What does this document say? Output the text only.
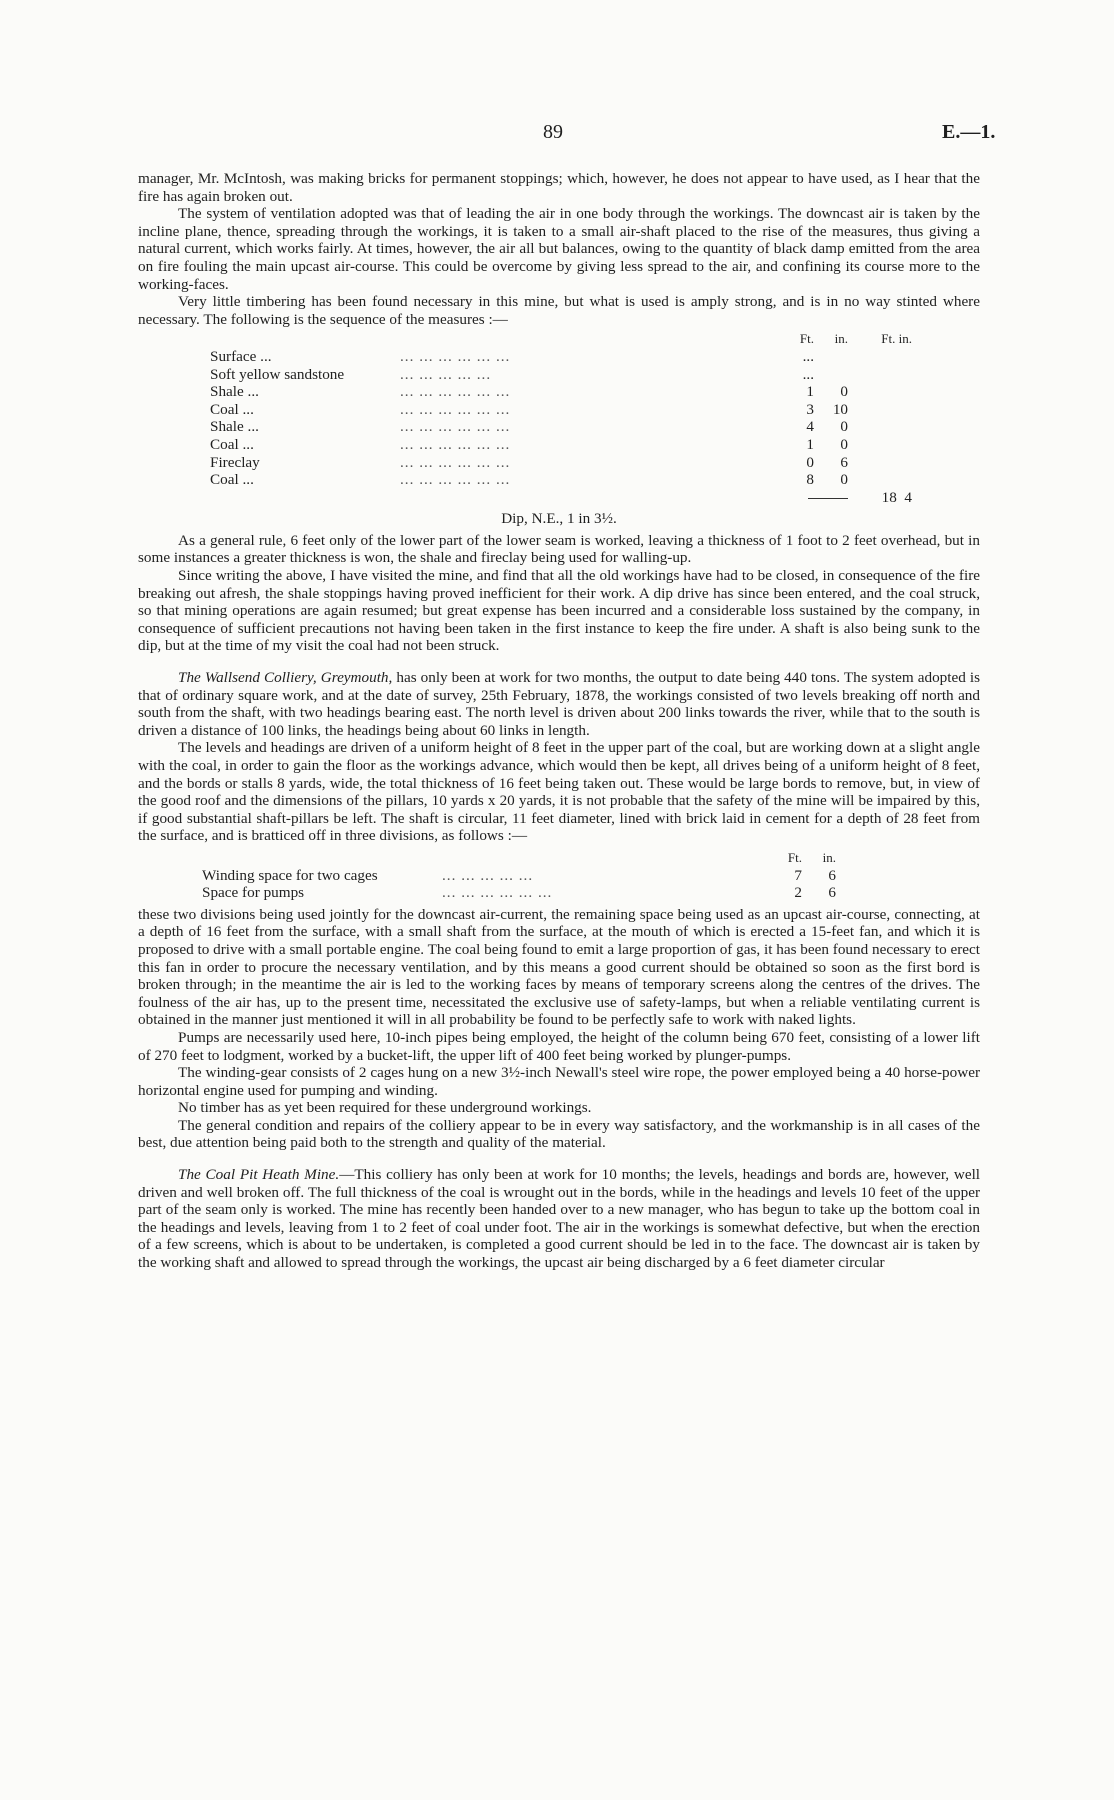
89	E.—1.

manager, Mr. McIntosh, was making bricks for permanent stoppings; which, however, he does not appear to have used, as I hear that the fire has again broken out.

The system of ventilation adopted was that of leading the air in one body through the workings. The downcast air is taken by the incline plane, thence, spreading through the workings, it is taken to a small air-shaft placed to the rise of the measures, thus giving a natural current, which works fairly. At times, however, the air all but balances, owing to the quantity of black damp emitted from the area on fire fouling the main upcast air-course. This could be overcome by giving less spread to the air, and confining its course more to the working-faces.

Very little timbering has been found necessary in this mine, but what is used is amply strong, and is in no way stinted where necessary. The following is the sequence of the measures :—

		Ft.	in.	Ft. in.
Surface ...	... ... ... ... ... ...	...		
Soft yellow sandstone	... ... ... ... ...	...		
Shale ...	... ... ... ... ... ...	1	0	
Coal ...	... ... ... ... ... ...	3	10	
Shale ...	... ... ... ... ... ...	4	0	
Coal ...	... ... ... ... ... ...	1	0	
Fireclay	... ... ... ... ... ...	0	6	
Coal ...	... ... ... ... ... ...	8	0	
				18 4
Dip, N.E., 1 in 3½.

As a general rule, 6 feet only of the lower part of the lower seam is worked, leaving a thickness of 1 foot to 2 feet overhead, but in some instances a greater thickness is won, the shale and fireclay being used for walling-up.

Since writing the above, I have visited the mine, and find that all the old workings have had to be closed, in consequence of the fire breaking out afresh, the shale stoppings having proved inefficient for their work. A dip drive has since been entered, and the coal struck, so that mining operations are again resumed; but great expense has been incurred and a considerable loss sustained by the company, in consequence of sufficient precautions not having been taken in the first instance to keep the fire under. A shaft is also being sunk to the dip, but at the time of my visit the coal had not been struck.

The Wallsend Colliery, Greymouth, has only been at work for two months, the output to date being 440 tons. The system adopted is that of ordinary square work, and at the date of survey, 25th February, 1878, the workings consisted of two levels breaking off north and south from the shaft, with two headings bearing east. The north level is driven about 200 links towards the river, while that to the south is driven a distance of 100 links, the headings being about 60 links in length.

The levels and headings are driven of a uniform height of 8 feet in the upper part of the coal, but are working down at a slight angle with the coal, in order to gain the floor as the workings advance, which would then be kept, all drives being of a uniform height of 8 feet, and the bords or stalls 8 yards, wide, the total thickness of 16 feet being taken out. These would be large bords to remove, but, in view of the good roof and the dimensions of the pillars, 10 yards x 20 yards, it is not probable that the safety of the mine will be impaired by this, if good substantial shaft-pillars be left. The shaft is circular, 11 feet diameter, lined with brick laid in cement for a depth of 28 feet from the surface, and is bratticed off in three divisions, as follows :—

		Ft.	in.
Winding space for two cages	... ... ... ... ...	7	6
Space for pumps	... ... ... ... ... ...	2	6

these two divisions being used jointly for the downcast air-current, the remaining space being used as an upcast air-course, connecting, at a depth of 16 feet from the surface, with a small shaft from the surface, at the mouth of which is erected a 15-feet fan, and which it is proposed to drive with a small portable engine. The coal being found to emit a large proportion of gas, it has been found necessary to erect this fan in order to procure the necessary ventilation, and by this means a good current should be obtained so soon as the first bord is broken through; in the meantime the air is led to the working faces by means of temporary screens along the centres of the drives. The foulness of the air has, up to the present time, necessitated the exclusive use of safety-lamps, but when a reliable ventilating current is obtained in the manner just mentioned it will in all probability be found to be perfectly safe to work with naked lights.

Pumps are necessarily used here, 10-inch pipes being employed, the height of the column being 670 feet, consisting of a lower lift of 270 feet to lodgment, worked by a bucket-lift, the upper lift of 400 feet being worked by plunger-pumps.

The winding-gear consists of 2 cages hung on a new 3½-inch Newall's steel wire rope, the power employed being a 40 horse-power horizontal engine used for pumping and winding.

No timber has as yet been required for these underground workings.

The general condition and repairs of the colliery appear to be in every way satisfactory, and the workmanship is in all cases of the best, due attention being paid both to the strength and quality of the material.

The Coal Pit Heath Mine.—This colliery has only been at work for 10 months; the levels, headings and bords are, however, well driven and well broken off. The full thickness of the coal is wrought out in the bords, while in the headings and levels 10 feet of the upper part of the seam only is worked. The mine has recently been handed over to a new manager, who has begun to take up the bottom coal in the headings and levels, leaving from 1 to 2 feet of coal under foot. The air in the workings is somewhat defective, but when the erection of a few screens, which is about to be undertaken, is completed a good current should be led in to the face. The downcast air is taken by the working shaft and allowed to spread through the workings, the upcast air being discharged by a 6 feet diameter circular
